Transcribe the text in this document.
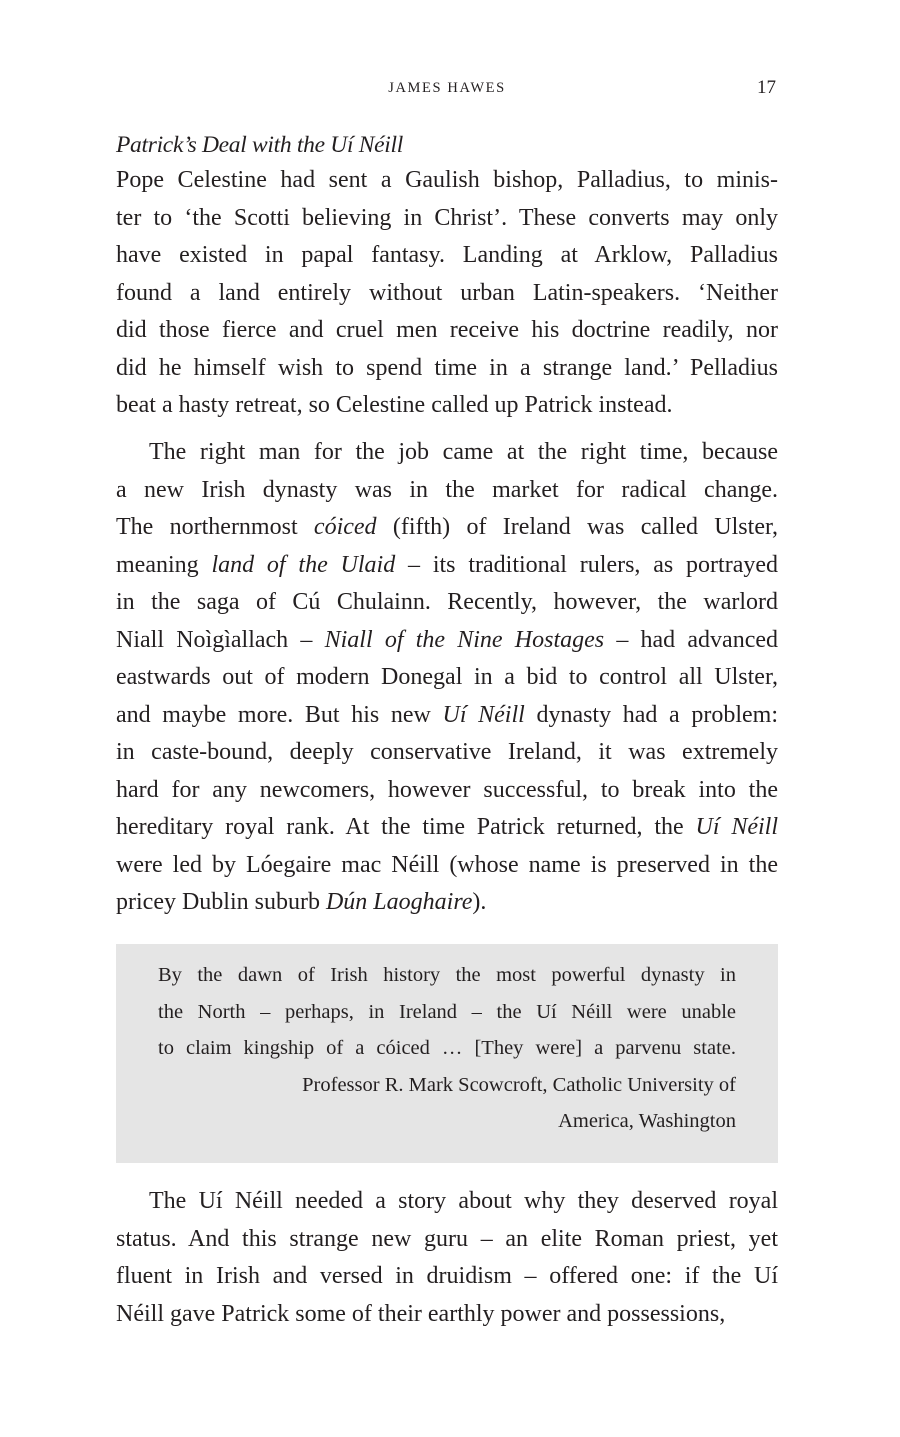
JAMES HAWES	17
Patrick’s Deal with the Uí Néill
Pope Celestine had sent a Gaulish bishop, Palladius, to minis-
ter to ‘the Scotti believing in Christ’. These converts may only
have existed in papal fantasy. Landing at Arklow, Palladius
found a land entirely without urban Latin-speakers. ‘Neither
did those fierce and cruel men receive his doctrine readily, nor
did he himself wish to spend time in a strange land.’ Pelladius
beat a hasty retreat, so Celestine called up Patrick instead.
The right man for the job came at the right time, because
a new Irish dynasty was in the market for radical change.
The northernmost cóiced (fifth) of Ireland was called Ulster,
meaning land of the Ulaid – its traditional rulers, as portrayed
in the saga of Cú Chulainn. Recently, however, the warlord
Niall Noìgìallach – Niall of the Nine Hostages – had advanced
eastwards out of modern Donegal in a bid to control all Ulster,
and maybe more. But his new Uí Néill dynasty had a problem:
in caste-bound, deeply conservative Ireland, it was extremely
hard for any newcomers, however successful, to break into the
hereditary royal rank. At the time Patrick returned, the Uí Néill
were led by Lóegaire mac Néill (whose name is preserved in the
pricey Dublin suburb Dún Laoghaire).
By the dawn of Irish history the most powerful dynasty in
the North – perhaps, in Ireland – the Uí Néill were unable
to claim kingship of a cóiced … [They were] a parvenu state.
Professor R. Mark Scowcroft, Catholic University of
America, Washington
The Uí Néill needed a story about why they deserved royal
status. And this strange new guru – an elite Roman priest, yet
fluent in Irish and versed in druidism – offered one: if the Uí
Néill gave Patrick some of their earthly power and possessions,
